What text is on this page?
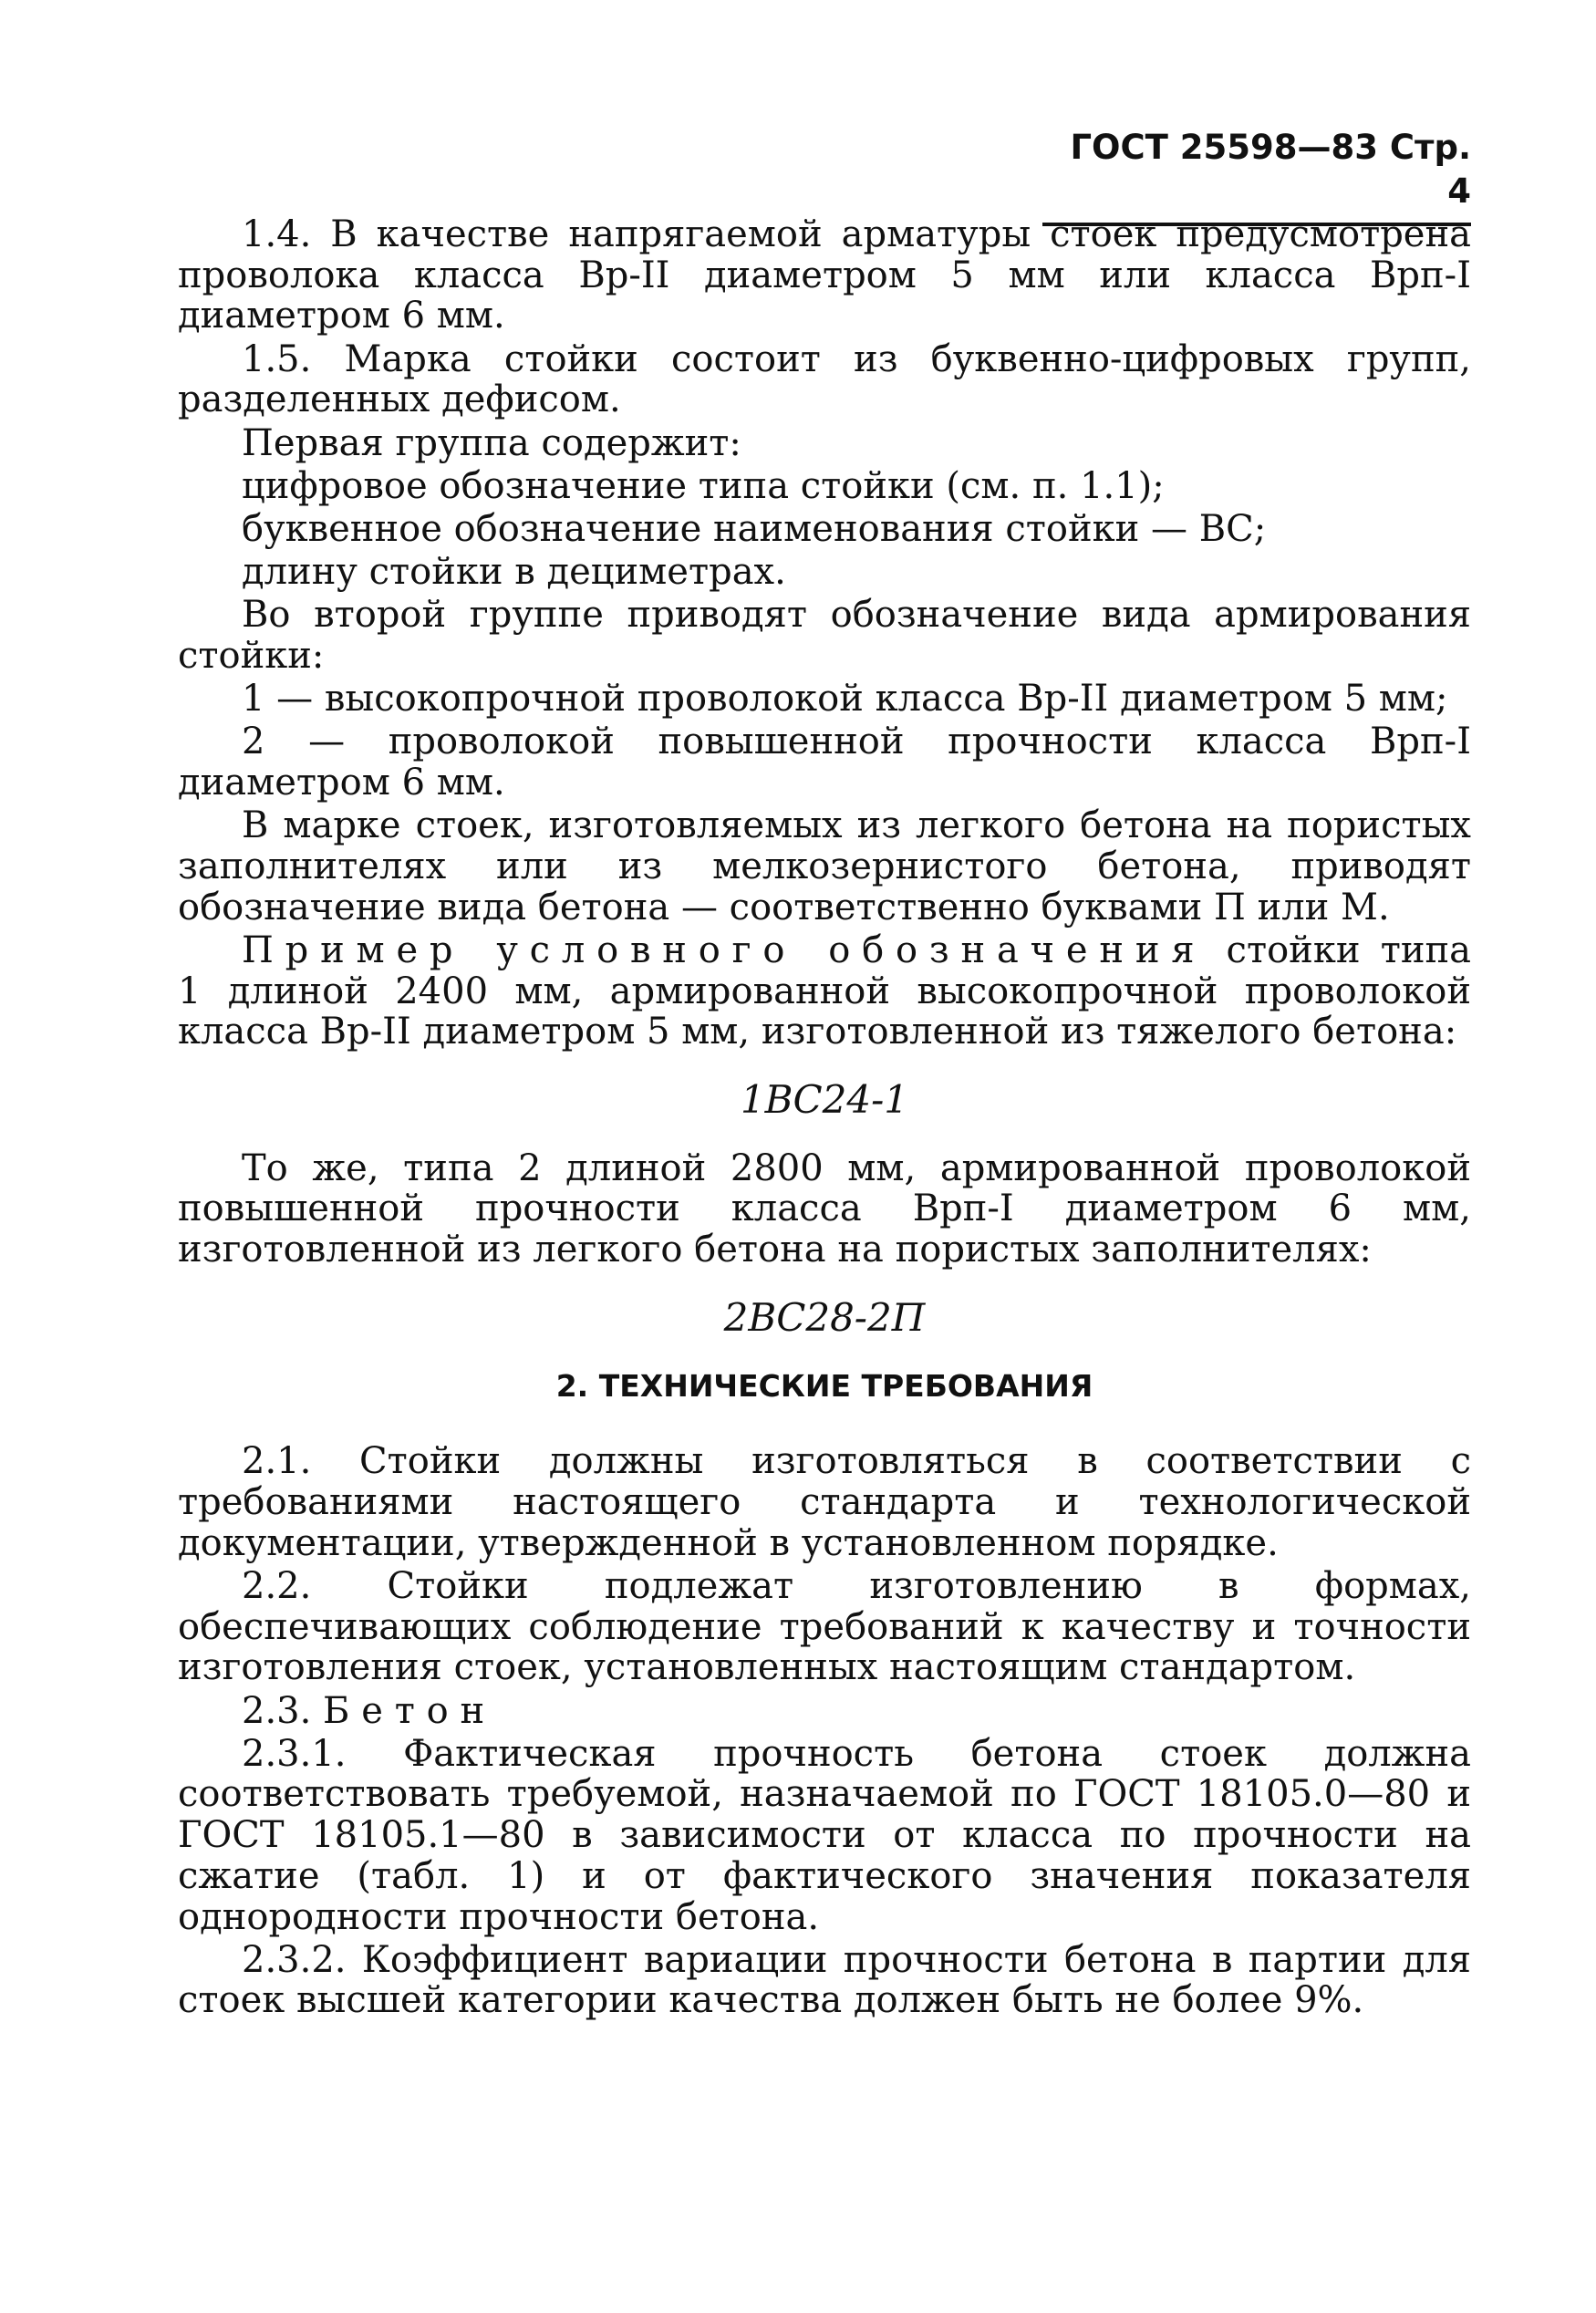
ГОСТ 25598—83 Стр. 4

1.4. В качестве напрягаемой арматуры стоек предусмотрена проволока класса Вр-II диаметром 5 мм или класса Врп-I диаметром 6 мм.

1.5. Марка стойки состоит из буквенно-цифровых групп, разделенных дефисом.

Первая группа содержит:

цифровое обозначение типа стойки (см. п. 1.1);

буквенное обозначение наименования стойки — ВС;

длину стойки в дециметрах.

Во второй группе приводят обозначение вида армирования стойки:

1 — высокопрочной проволокой класса Вр-II диаметром 5 мм;

2 — проволокой повышенной прочности класса Врп-I диаметром 6 мм.

В марке стоек, изготовляемых из легкого бетона на пористых заполнителях или из мелкозернистого бетона, приводят обозначение вида бетона — соответственно буквами П или М.

Пример условного обозначения стойки типа 1 длиной 2400 мм, армированной высокопрочной проволокой класса Вр-II диаметром 5 мм, изготовленной из тяжелого бетона:

1ВС24-1

То же, типа 2 длиной 2800 мм, армированной проволокой повышенной прочности класса Врп-I диаметром 6 мм, изготовленной из легкого бетона на пористых заполнителях:

2ВС28-2П

2. ТЕХНИЧЕСКИЕ ТРЕБОВАНИЯ

2.1. Стойки должны изготовляться в соответствии с требованиями настоящего стандарта и технологической документации, утвержденной в установленном порядке.

2.2. Стойки подлежат изготовлению в формах, обеспечивающих соблюдение требований к качеству и точности изготовления стоек, установленных настоящим стандартом.

2.3. Бетон

2.3.1. Фактическая прочность бетона стоек должна соответствовать требуемой, назначаемой по ГОСТ 18105.0—80 и ГОСТ 18105.1—80 в зависимости от класса по прочности на сжатие (табл. 1) и от фактического значения показателя однородности прочности бетона.

2.3.2. Коэффициент вариации прочности бетона в партии для стоек высшей категории качества должен быть не более 9%.
